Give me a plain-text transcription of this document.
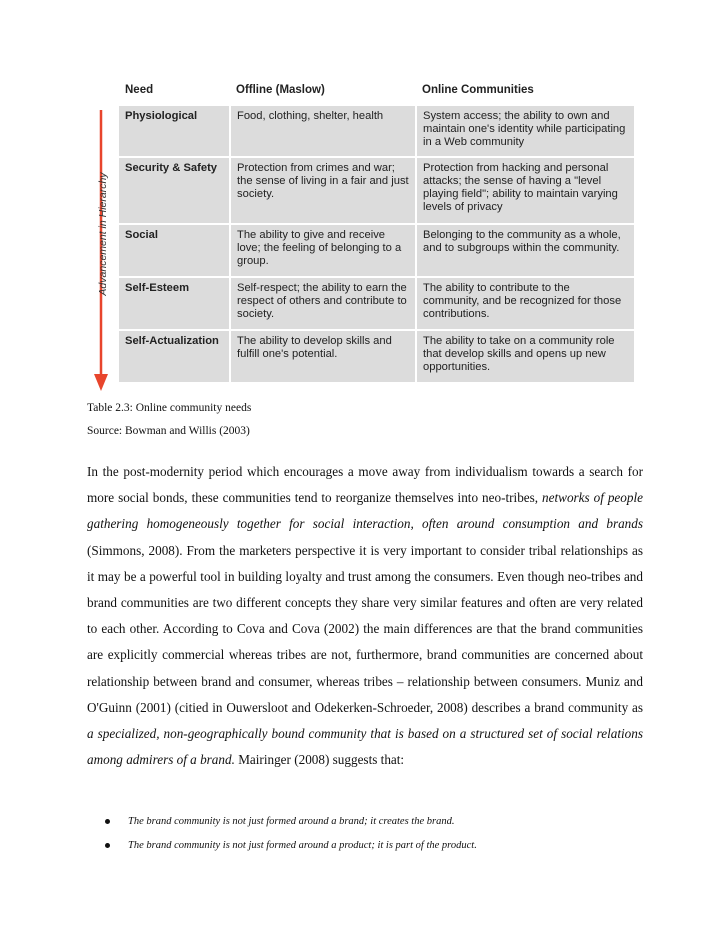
Advancement in Hierarchy
Need	Offline (Maslow)	Online Communities
Physiological	Food, clothing, shelter, health	System access; the ability to own and maintain one's identity while participating in a Web community
Security & Safety	Protection from crimes and war; the sense of living in a fair and just society.	Protection from hacking and personal attacks; the sense of having a "level playing field"; ability to maintain varying levels of privacy
Social	The ability to give and receive love; the feeling of belonging to a group.	Belonging to the community as a whole, and to subgroups within the community.
Self-Esteem	Self-respect; the ability to earn the respect of others and contribute to society.	The ability to contribute to the community, and be recognized for those contributions.
Self-Actualization	The ability to develop skills and fulfill one's potential.	The ability to take on a community role that develop skills and opens up new opportunities.
Table 2.3: Online community needs
Source: Bowman and Willis (2003)

In the post-modernity period which encourages a move away from individualism towards a search for more social bonds, these communities tend to reorganize themselves into neo-tribes, networks of people gathering homogeneously together for social interaction, often around consumption and brands (Simmons, 2008). From the marketers perspective it is very important to consider tribal relationships as it may be a powerful tool in building loyalty and trust among the consumers. Even though neo-tribes and brand communities are two different concepts they share very similar features and often are very related to each other. According to Cova and Cova (2002) the main differences are that the brand communities are explicitly commercial whereas tribes are not, furthermore, brand communities are concerned about relationship between brand and consumer, whereas tribes – relationship between consumers. Muniz and O'Guinn (2001) (citied in Ouwersloot and Odekerken-Schroeder, 2008) describes a brand community as a specialized, non-geographically bound community that is based on a structured set of social relations among admirers of a brand. Mairinger (2008) suggests that:

The brand community is not just formed around a brand; it creates the brand.
The brand community is not just formed around a product; it is part of the product.
